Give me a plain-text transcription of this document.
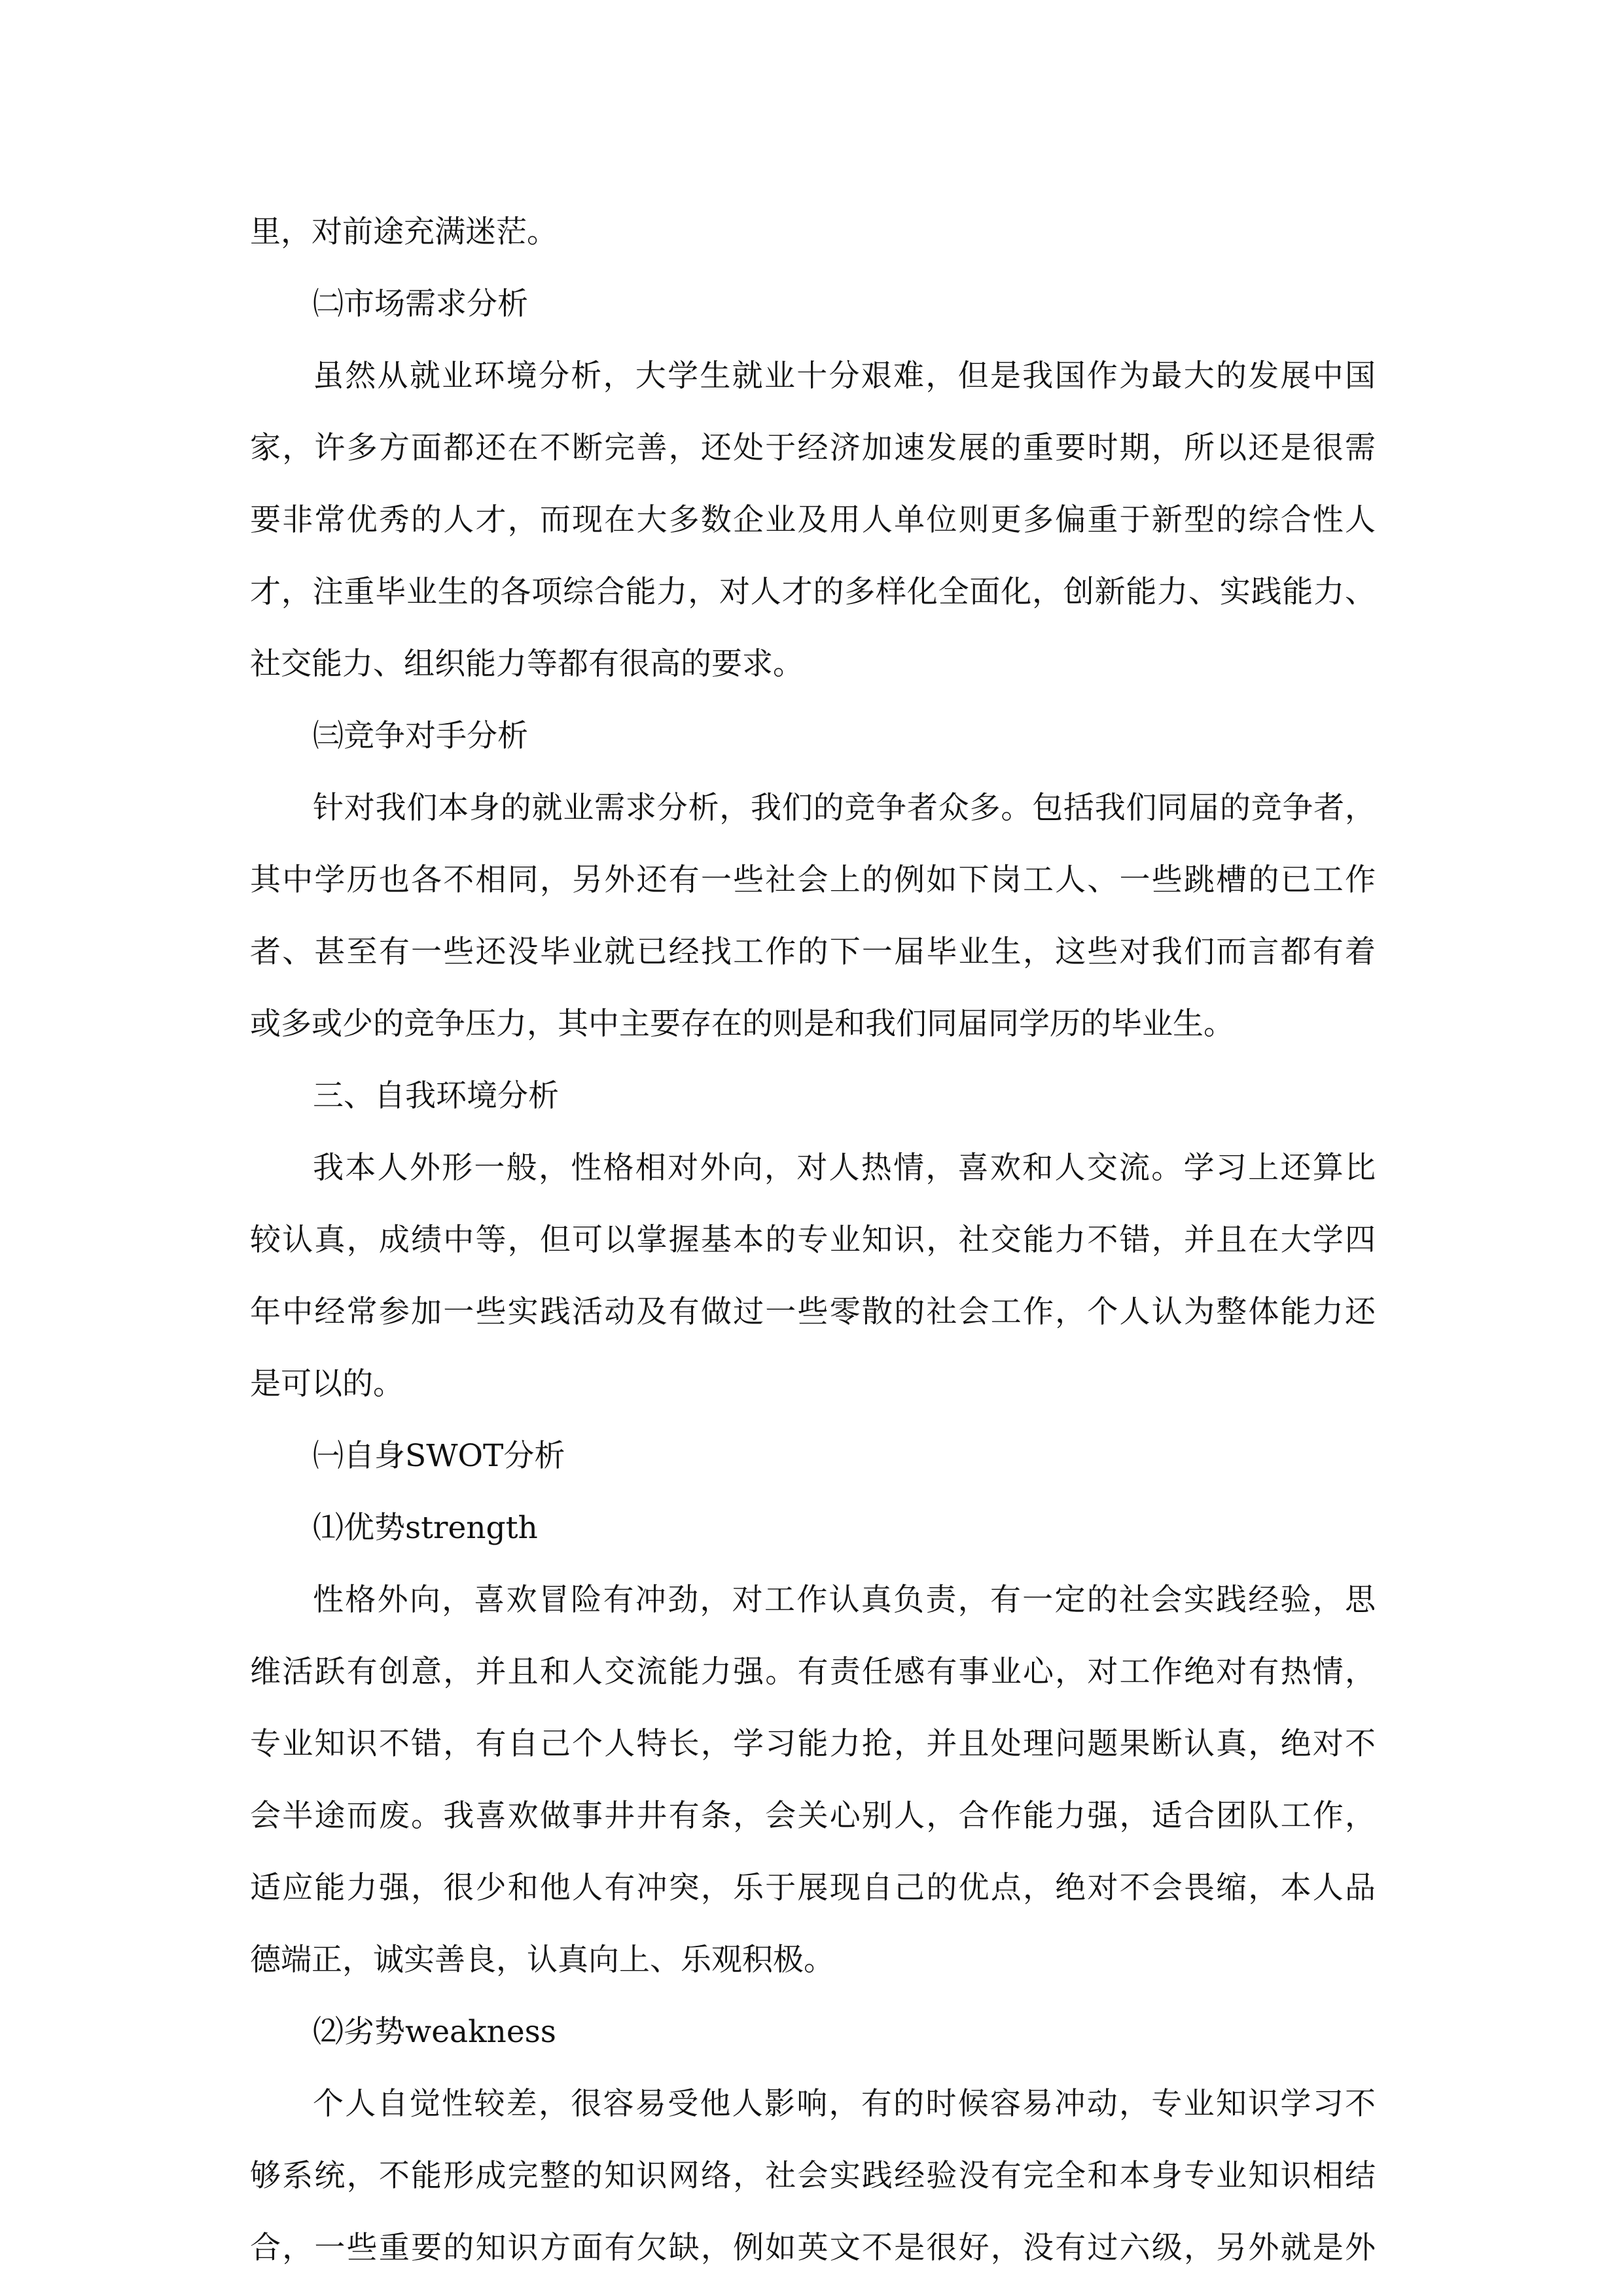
里，对前途充满迷茫。
㈡市场需求分析
虽然从就业环境分析，大学生就业十分艰难，但是我国作为最大的发展中国
家，许多方面都还在不断完善，还处于经济加速发展的重要时期，所以还是很需
要非常优秀的人才，而现在大多数企业及用人单位则更多偏重于新型的综合性人
才，注重毕业生的各项综合能力，对人才的多样化全面化，创新能力、实践能力、
社交能力、组织能力等都有很高的要求。
㈢竞争对手分析
针对我们本身的就业需求分析，我们的竞争者众多。包括我们同届的竞争者，
其中学历也各不相同，另外还有一些社会上的例如下岗工人、一些跳槽的已工作
者、甚至有一些还没毕业就已经找工作的下一届毕业生，这些对我们而言都有着
或多或少的竞争压力，其中主要存在的则是和我们同届同学历的毕业生。
三、自我环境分析
我本人外形一般，性格相对外向，对人热情，喜欢和人交流。学习上还算比
较认真，成绩中等，但可以掌握基本的专业知识，社交能力不错，并且在大学四
年中经常参加一些实践活动及有做过一些零散的社会工作，个人认为整体能力还
是可以的。
㈠自身SWOT分析
⑴优势strength
性格外向，喜欢冒险有冲劲，对工作认真负责，有一定的社会实践经验，思
维活跃有创意，并且和人交流能力强。有责任感有事业心，对工作绝对有热情，
专业知识不错，有自己个人特长，学习能力抢，并且处理问题果断认真，绝对不
会半途而废。我喜欢做事井井有条，会关心别人，合作能力强，适合团队工作，
适应能力强，很少和他人有冲突，乐于展现自己的优点，绝对不会畏缩，本人品
德端正，诚实善良，认真向上、乐观积极。
⑵劣势weakness
个人自觉性较差，很容易受他人影响，有的时候容易冲动，专业知识学习不
够系统，不能形成完整的知识网络，社会实践经验没有完全和本身专业知识相结
合，一些重要的知识方面有欠缺，例如英文不是很好，没有过六级，另外就是外
